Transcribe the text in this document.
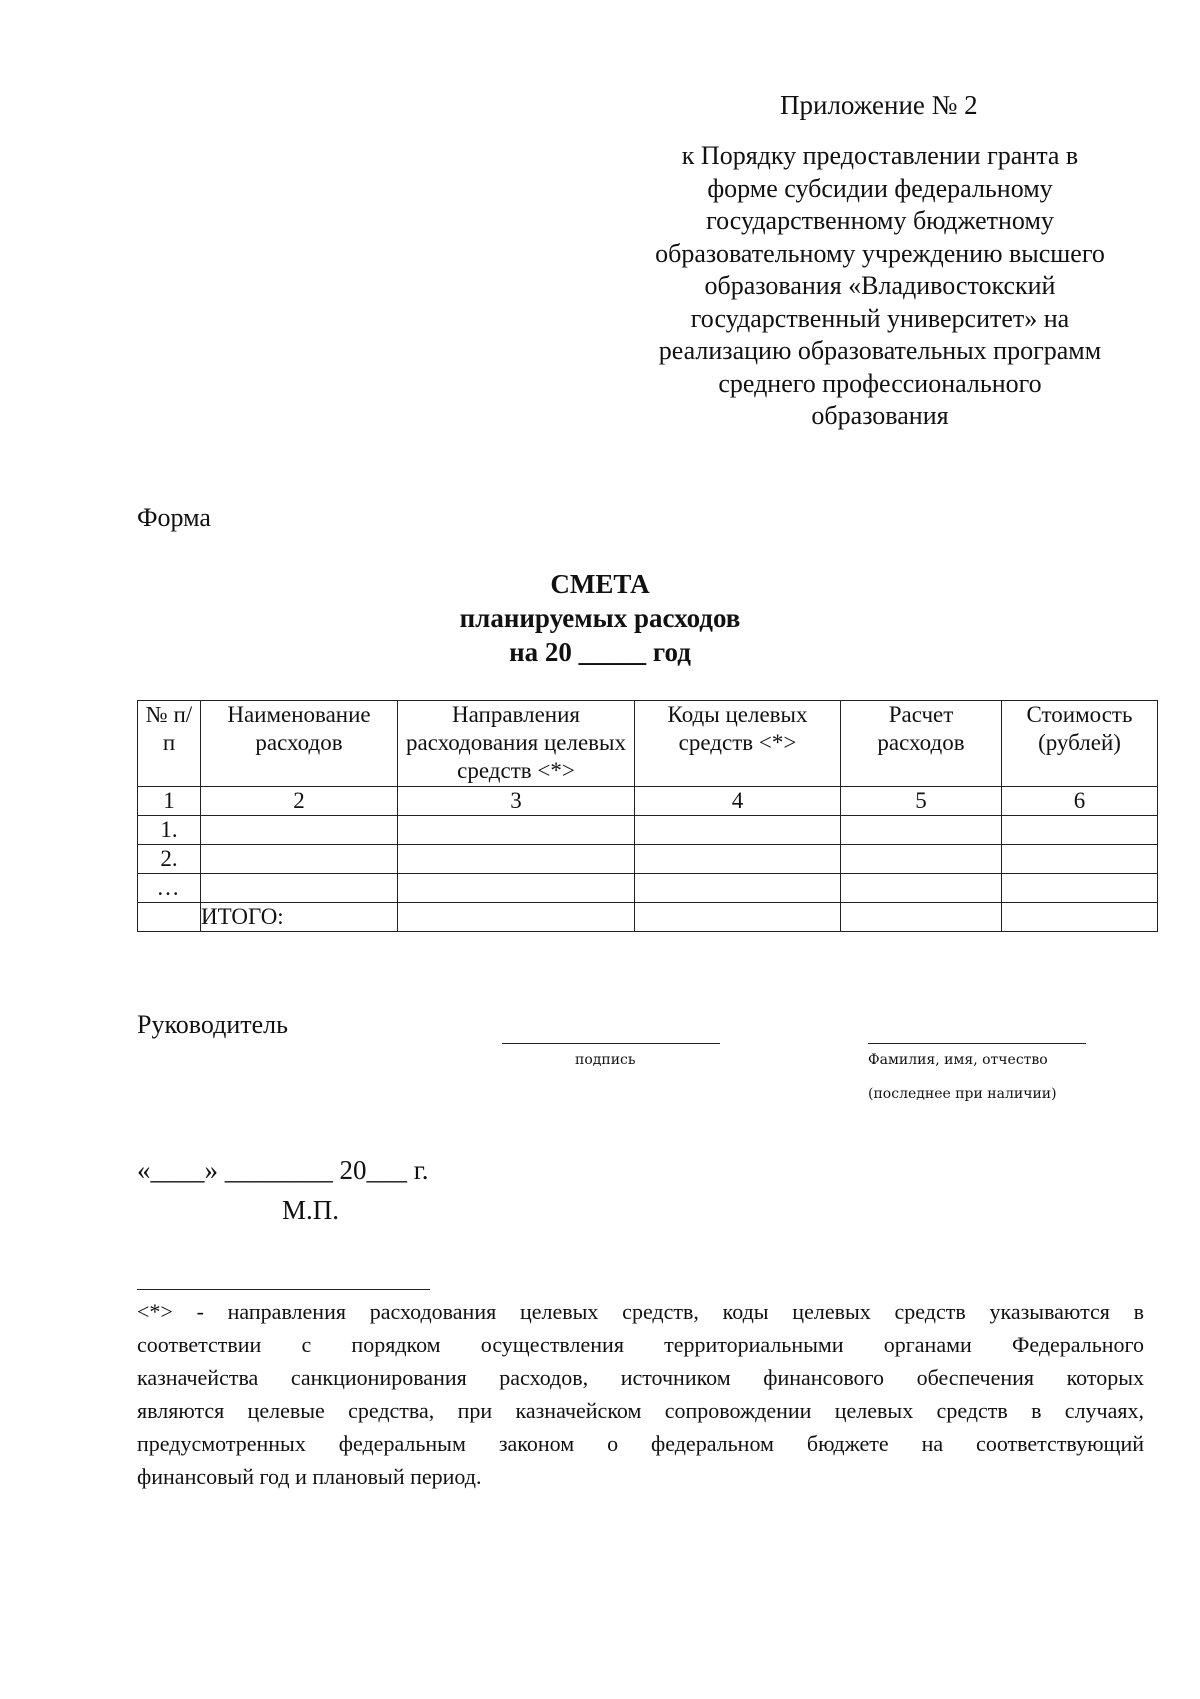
Приложение № 2
к Порядку предоставлении гранта в
форме субсидии федеральному
государственному бюджетному
образовательному учреждению высшего
образования «Владивостокский
государственный университет» на
реализацию образовательных программ
среднего профессионального
образования
Форма
СМЕТА
планируемых расходов
на 20 _____ год
№ п/п	Наименование расходов	Направления расходования целевых средств <*>	Коды целевых средств <*>	Расчет расходов	Стоимость (рублей)
1	2	3	4	5	6
1.					
2.					
…					
	ИТОГО:				
Руководитель
подпись	Фамилия, имя, отчество
(последнее при наличии)
«____» ________ 20___ г.
М.П.
<*> - направления расходования целевых средств, коды целевых средств указываются в
соответствии с порядком осуществления территориальными органами Федерального
казначейства санкционирования расходов, источником финансового обеспечения которых
являются целевые средства, при казначейском сопровождении целевых средств в случаях,
предусмотренных федеральным законом о федеральном бюджете на соответствующий
финансовый год и плановый период.
